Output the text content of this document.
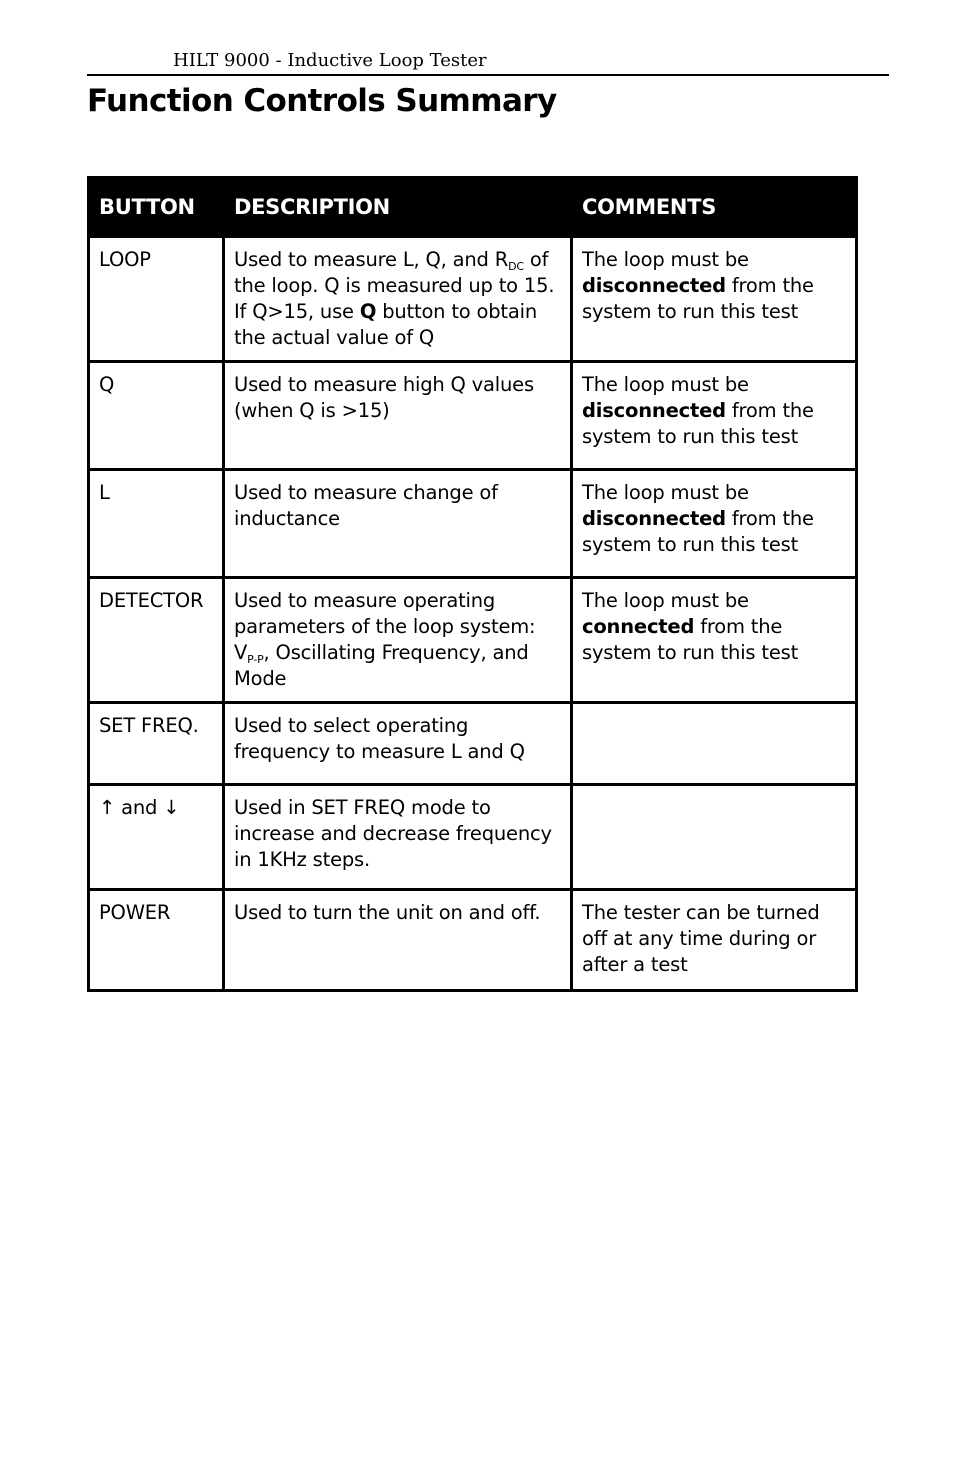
HILT 9000 - Inductive Loop Tester
Function Controls Summary
BUTTON	DESCRIPTION	COMMENTS
LOOP	Used to measure L, Q, and $R_{DC}$ of the loop. Q is measured up to 15. If Q>15, use Q button to obtain the actual value of Q	The loop must be disconnected from the system to run this test
Q	Used to measure high Q values (when Q is >15)	The loop must be disconnected from the system to run this test
L	Used to measure change of inductance	The loop must be disconnected from the system to run this test
DETECTOR	Used to measure operating parameters of the loop system: $V_{P-P}$, Oscillating Frequency, and Mode	The loop must be connected from the system to run this test
SET FREQ.	Used to select operating frequency to measure L and Q	
↑ and ↓	Used in SET FREQ mode to increase and decrease frequency in 1KHz steps.	
POWER	Used to turn the unit on and off.	The tester can be turned off at any time during or after a test
